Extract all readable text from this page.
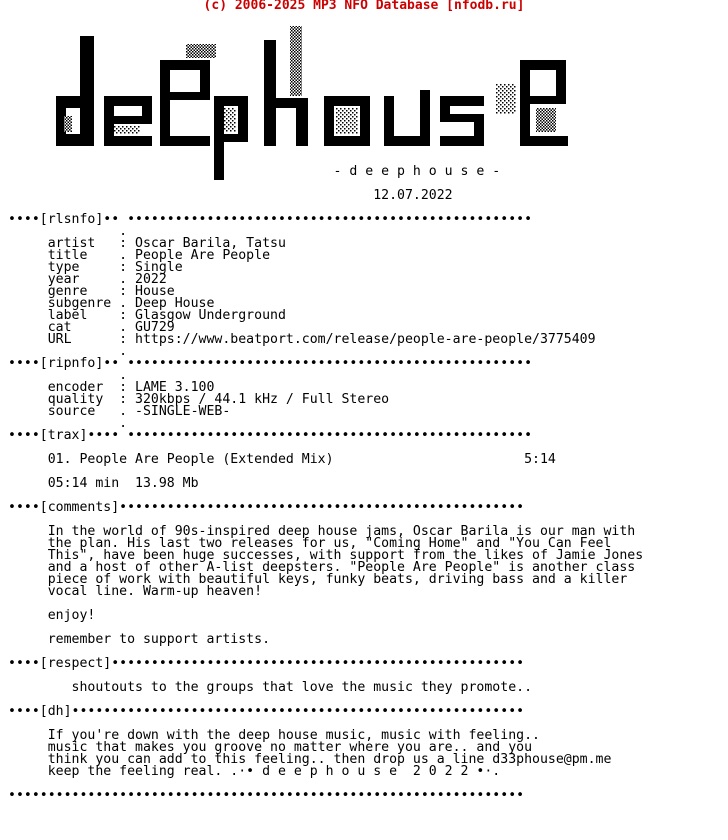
(c) 2006-2025 MP3 NFO Database [nfodb.ru]
- d e e p h o u s e -

12.07.2022

••••[rlsnfo]•• •••••••••••••••••••••••••••••••••••••••••••••••••••
.
artist   : Oscar Barila, Tatsu
title    . People Are People
type     : Single
year     . 2022
genre    : House
subgenre . Deep House
label    : Glasgow Underground
cat      . GU729
URL      : https://www.beatport.com/release/people-are-people/3775409
.
••••[ripnfo]•• •••••••••••••••••••••••••••••••••••••••••••••••••••
.
encoder  : LAME 3.100
quality  : 320kbps / 44.1 kHz / Full Stereo
source   . -SINGLE-WEB-
.
••••[trax]•••• •••••••••••••••••••••••••••••••••••••••••••••••••••

01. People Are People (Extended Mix)                        5:14

05:14 min  13.98 Mb

••••[comments]•••••••••••••••••••••••••••••••••••••••••••••••••••

In the world of 90s-inspired deep house jams, Oscar Barila is our man with
the plan. His last two releases for us, "Coming Home" and "You Can Feel
This", have been huge successes, with support from the likes of Jamie Jones
and a host of other A-list deepsters. "People Are People" is another class
piece of work with beautiful keys, funky beats, driving bass and a killer
vocal line. Warm-up heaven!

enjoy!

remember to support artists.

••••[respect]••••••••••••••••••••••••••••••••••••••••••••••••••••

shoutouts to the groups that love the music they promote..

••••[dh]•••••••••••••••••••••••••••••••••••••••••••••••••••••••••

If you're down with the deep house music, music with feeling..
music that makes you groove no matter where you are.. and you
think you can add to this feeling.. then drop us a line d33phouse@pm.me
keep the feeling real. .·• d e e p h o u s e  2 0 2 2 •·.

•••••••••••••••••••••••••••••••••••••••••••••••••••••••••••••••••
